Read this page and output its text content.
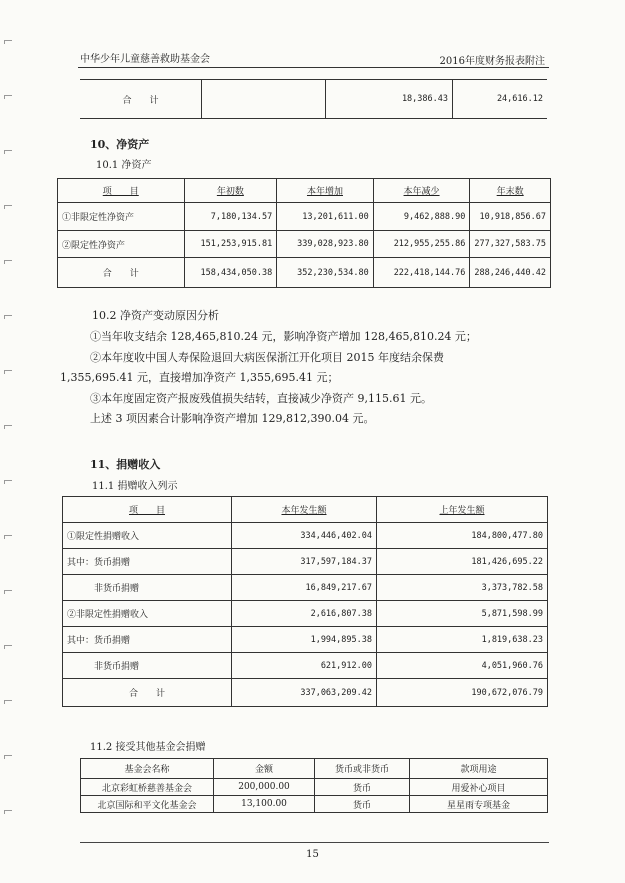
中华少年儿童慈善救助基金会	2016年度财务报表附注
合　　计		18,386.43	24,616.12
10、净资产
10.1 净资产
项　　目	年初数	本年增加	本年减少	年末数
①非限定性净资产	7,180,134.57	13,201,611.00	9,462,888.90	10,918,856.67
②限定性净资产	151,253,915.81	339,028,923.80	212,955,255.86	277,327,583.75
合　　计	158,434,050.38	352,230,534.80	222,418,144.76	288,246,440.42
10.2 净资产变动原因分析

①当年收支结余 128,465,810.24 元，影响净资产增加 128,465,810.24 元；

②本年度收中国人寿保险退回大病医保浙江开化项目 2015 年度结余保费

1,355,695.41 元，直接增加净资产 1,355,695.41 元；

③本年度固定资产报废残值损失结转，直接减少净资产 9,115.61 元。

上述 3 项因素合计影响净资产增加 129,812,390.04 元。

11、捐赠收入
11.1 捐赠收入列示
项　　目	本年发生额	上年发生额
①限定性捐赠收入	334,446,402.04	184,800,477.80
其中：货币捐赠	317,597,184.37	181,426,695.22
　　　非货币捐赠	16,849,217.67	3,373,782.58
②非限定性捐赠收入	2,616,807.38	5,871,598.99
其中：货币捐赠	1,994,895.38	1,819,638.23
　　　非货币捐赠	621,912.00	4,051,960.76
合　　计	337,063,209.42	190,672,076.79
11.2 接受其他基金会捐赠
基金会名称	金额	货币或非货币	款项用途
北京彩虹桥慈善基金会	200,000.00	货币	用爱补心项目
北京国际和平文化基金会	13,100.00	货币	星星雨专项基金
15
